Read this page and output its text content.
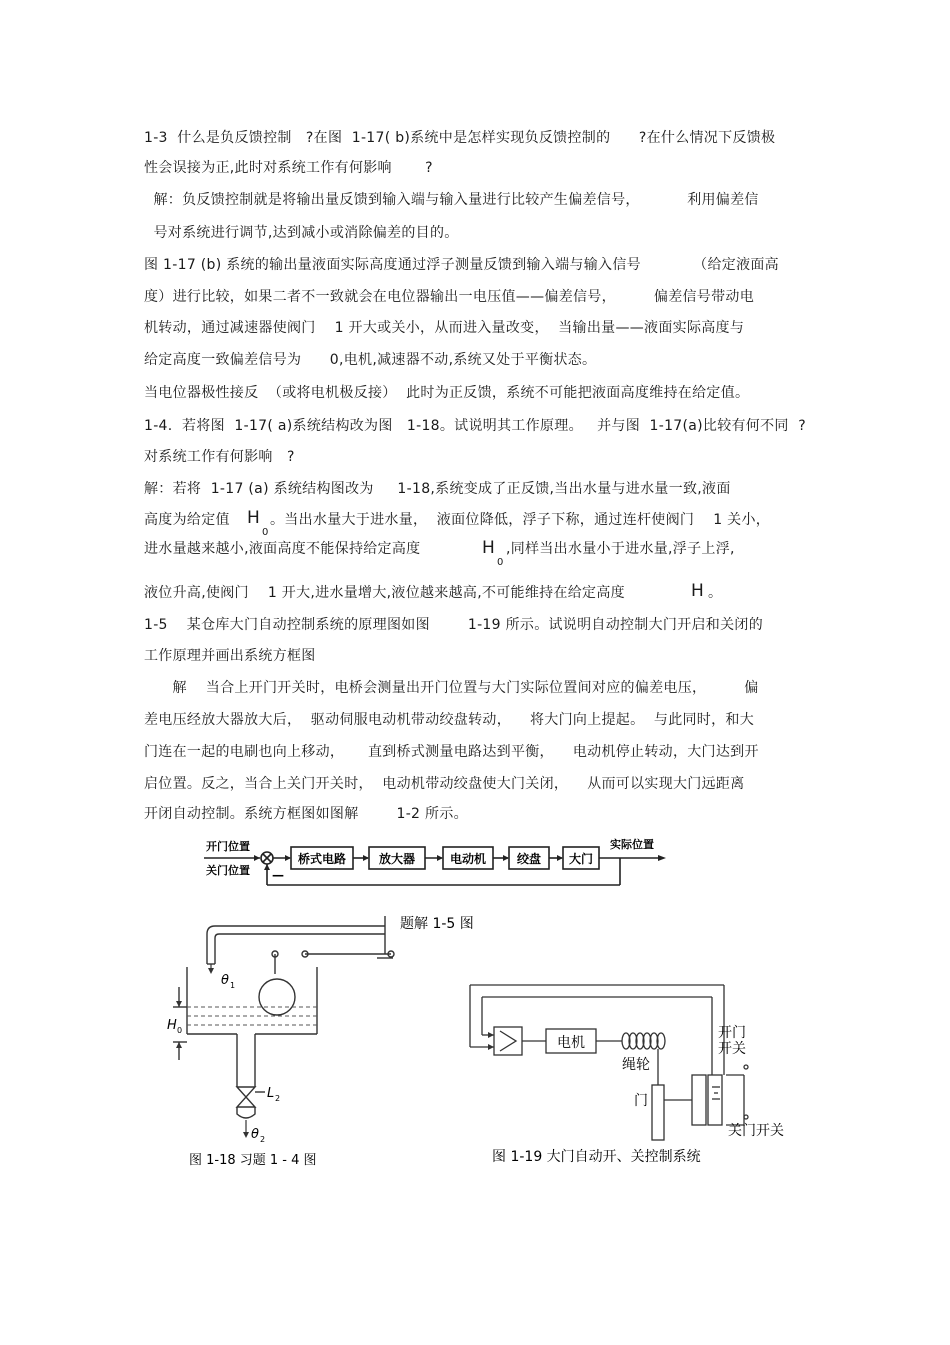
1-3  什么是负反馈控制   ?在图  1-17( b)系统中是怎样实现负反馈控制的      ?在什么情况下反馈极
性会误接为正,此时对系统工作有何影响       ?
解：负反馈控制就是将输出量反馈到输入端与输入量进行比较产生偏差信号，          利用偏差信
号对系统进行调节,达到减小或消除偏差的目的。
图 1-17 (b) 系统的输出量液面实际高度通过浮子测量反馈到输入端与输入信号           （给定液面高
度）进行比较，如果二者不一致就会在电位器输出一电压值——偏差信号，        偏差信号带动电
机转动，通过减速器使阀门    1 开大或关小，从而进入量改变，  当输出量——液面实际高度与
给定高度一致偏差信号为      0,电机,减速器不动,系统又处于平衡状态。
当电位器极性接反  （或将电机极反接）  此时为正反馈，系统不可能把液面高度维持在给定值。
1-4.  若将图  1-17( a)系统结构改为图   1-18。试说明其工作原理。   并与图  1-17(a)比较有何不同  ?
对系统工作有何影响   ?
解：若将  1-17 (a) 系统结构图改为     1-18,系统变成了正反馈,当出水量与进水量一致,液面
高度为给定值 H
0
。当出水量大于进水量，  液面位降低，浮子下称，通过连杆使阀门    1 关小，
进水量越来越小,液面高度不能保持给定高度	H
0
,同样当出水量小于进水量,浮子上浮,
液位升高,使阀门    1 开大,进水量增大,液位越来越高,不可能维持在给定高度	H 。
1-5    某仓库大门自动控制系统的原理图如图        1-19 所示。试说明自动控制大门开启和关闭的
工作原理并画出系统方框图
解    当合上开门开关时，电桥会测量出开门位置与大门实际位置间对应的偏差电压，        偏
差电压经放大器放大后，  驱动伺服电动机带动绞盘转动，    将大门向上提起。  与此同时，和大
门连在一起的电刷也向上移动，     直到桥式测量电路达到平衡，    电动机停止转动，大门达到开
启位置。反之，当合上关门开关时，  电动机带动绞盘使大门关闭，    从而可以实现大门远距离
开闭自动控制。系统方框图如图解        1-2 所示。
开门位置
关门位置 —
桥式电路	放大器	电动机	绞盘 大门
实际位置
题解 1-5 图
θ 1
H 0
L 2
θ 2
图 1-18 习题 1 - 4 图
电机
绳轮
门
开门
开关
关门开关
图 1-19 大门自动开、关控制系统
